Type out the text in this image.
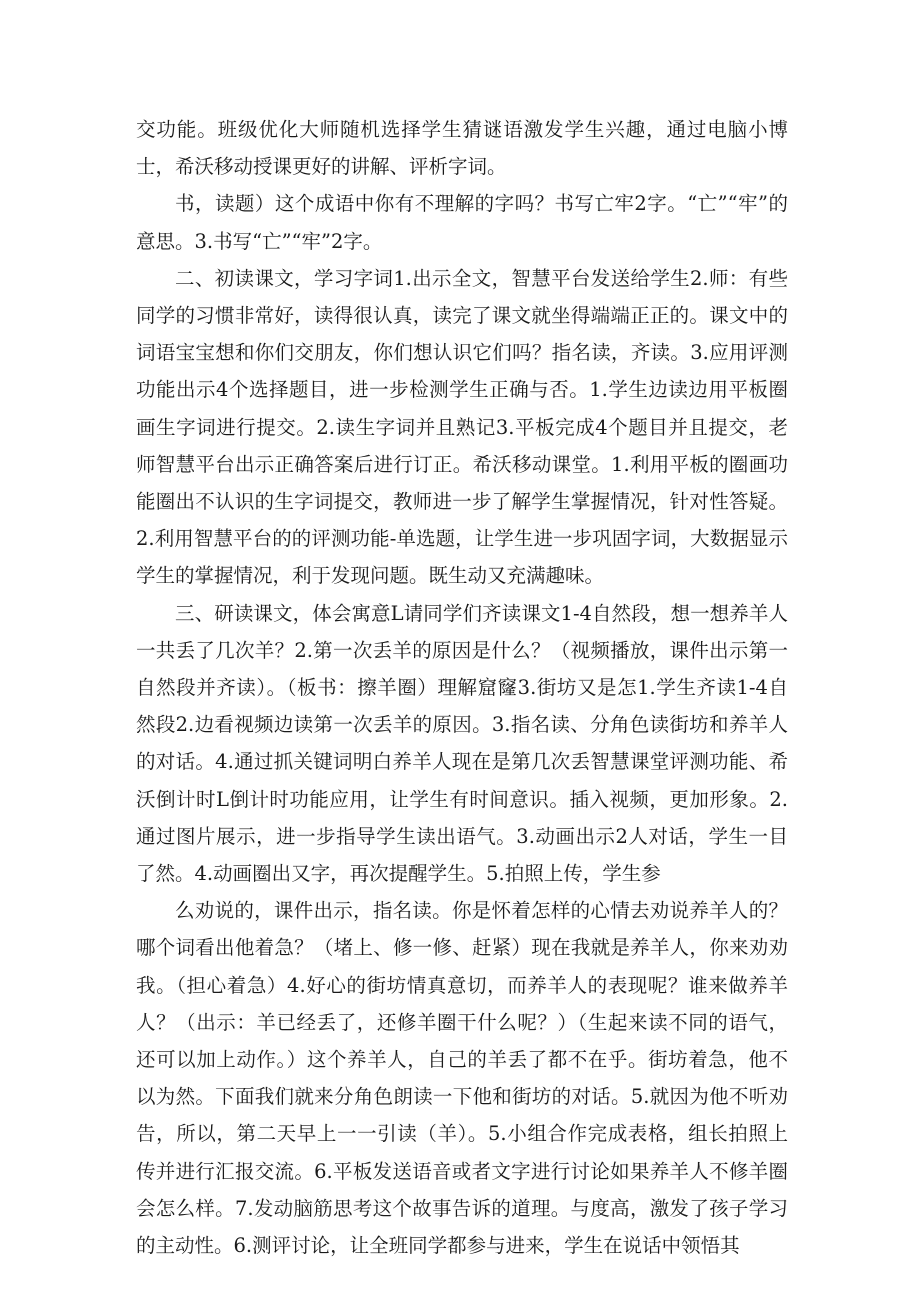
交功能。班级优化大师随机选择学生猜谜语激发学生兴趣，通过电脑小博士，希沃移动授课更好的讲解、评析字词。

书，读题）这个成语中你有不理解的字吗？书写亡牢2字。“亡”“牢”的意思。3.书写“亡”“牢”2字。

二、初读课文，学习字词1.出示全文，智慧平台发送给学生2.师：有些同学的习惯非常好，读得很认真，读完了课文就坐得端端正正的。课文中的词语宝宝想和你们交朋友，你们想认识它们吗？指名读，齐读。3.应用评测功能出示4个选择题目，进一步检测学生正确与否。1.学生边读边用平板圈画生字词进行提交。2.读生字词并且熟记3.平板完成4个题目并且提交，老师智慧平台出示正确答案后进行订正。希沃移动课堂。1.利用平板的圈画功能圈出不认识的生字词提交，教师进一步了解学生掌握情况，针对性答疑。2.利用智慧平台的的评测功能-单选题，让学生进一步巩固字词，大数据显示学生的掌握情况，利于发现问题。既生动又充满趣味。

三、研读课文，体会寓意L请同学们齐读课文1-4自然段，想一想养羊人一共丢了几次羊？2.第一次丢羊的原因是什么？（视频播放，课件出示第一自然段并齐读）。（板书：擦羊圈）理解窟窿3.街坊又是怎1.学生齐读1-4自然段2.边看视频边读第一次丢羊的原因。3.指名读、分角色读街坊和养羊人的对话。4.通过抓关键词明白养羊人现在是第几次丢智慧课堂评测功能、希沃倒计时L倒计时功能应用，让学生有时间意识。插入视频，更加形象。2.通过图片展示，进一步指导学生读出语气。3.动画出示2人对话，学生一目了然。4.动画圈出又字，再次提醒学生。5.拍照上传，学生参

么劝说的，课件出示，指名读。你是怀着怎样的心情去劝说养羊人的？哪个词看出他着急？（堵上、修一修、赶紧）现在我就是养羊人，你来劝劝我。（担心着急）4.好心的街坊情真意切，而养羊人的表现呢？谁来做养羊人？（出示：羊已经丢了，还修羊圈干什么呢？）（生起来读不同的语气，还可以加上动作。）这个养羊人，自己的羊丢了都不在乎。街坊着急，他不以为然。下面我们就来分角色朗读一下他和街坊的对话。5.就因为他不听劝告，所以，第二天早上一一引读（羊）。5.小组合作完成表格，组长拍照上传并进行汇报交流。6.平板发送语音或者文字进行讨论如果养羊人不修羊圈会怎么样。7.发动脑筋思考这个故事告诉的道理。与度高，激发了孩子学习的主动性。6.测评讨论，让全班同学都参与进来，学生在说话中领悟其
